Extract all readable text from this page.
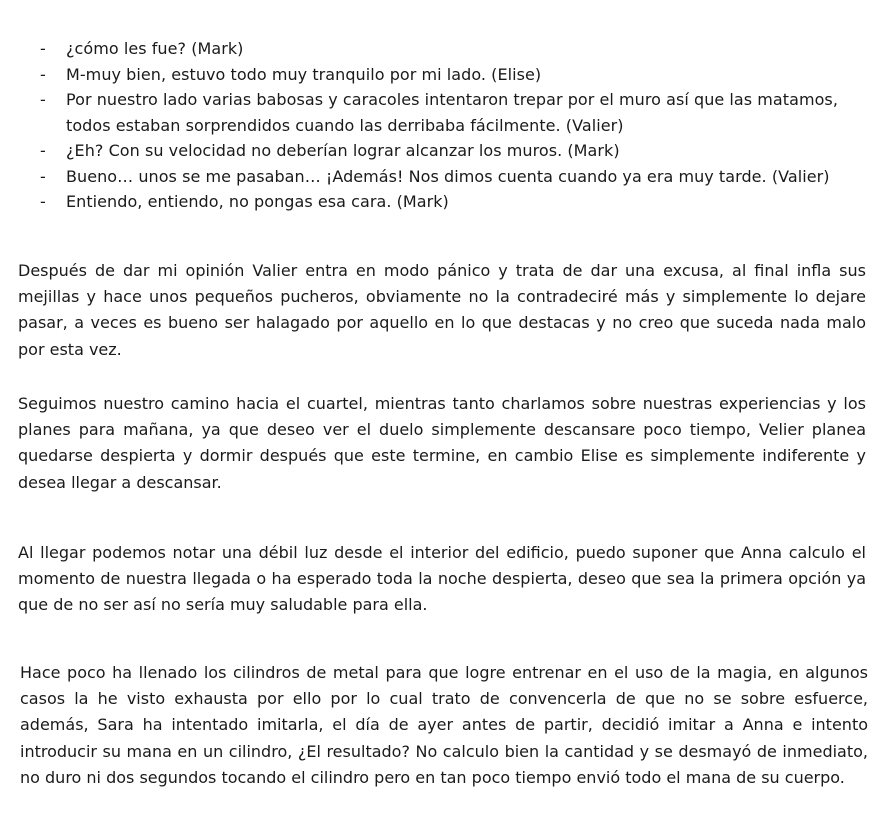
- ¿cómo les fue? (Mark)
- M-muy bien, estuvo todo muy tranquilo por mi lado. (Elise)
- Por nuestro lado varias babosas y caracoles intentaron trepar por el muro así que las matamos, todos estaban sorprendidos cuando las derribaba fácilmente. (Valier)
- ¿Eh? Con su velocidad no deberían lograr alcanzar los muros. (Mark)
- Bueno… unos se me pasaban… ¡Además! Nos dimos cuenta cuando ya era muy tarde. (Valier)
- Entiendo, entiendo, no pongas esa cara. (Mark)

Después de dar mi opinión Valier entra en modo pánico y trata de dar una excusa, al final infla sus mejillas y hace unos pequeños pucheros, obviamente no la contradeciré más y simplemente lo dejare pasar, a veces es bueno ser halagado por aquello en lo que destacas y no creo que suceda nada malo por esta vez.

Seguimos nuestro camino hacia el cuartel, mientras tanto charlamos sobre nuestras experiencias y los planes para mañana, ya que deseo ver el duelo simplemente descansare poco tiempo, Velier planea quedarse despierta y dormir después que este termine, en cambio Elise es simplemente indiferente y desea llegar a descansar.

Al llegar podemos notar una débil luz desde el interior del edificio, puedo suponer que Anna calculo el momento de nuestra llegada o ha esperado toda la noche despierta, deseo que sea la primera opción ya que de no ser así no sería muy saludable para ella.

Hace poco ha llenado los cilindros de metal para que logre entrenar en el uso de la magia, en algunos casos la he visto exhausta por ello por lo cual trato de convencerla de que no se sobre esfuerce, además, Sara ha intentado imitarla, el día de ayer antes de partir, decidió imitar a Anna e intento introducir su mana en un cilindro, ¿El resultado? No calculo bien la cantidad y se desmayó de inmediato, no duro ni dos segundos tocando el cilindro pero en tan poco tiempo envió todo el mana de su cuerpo.
